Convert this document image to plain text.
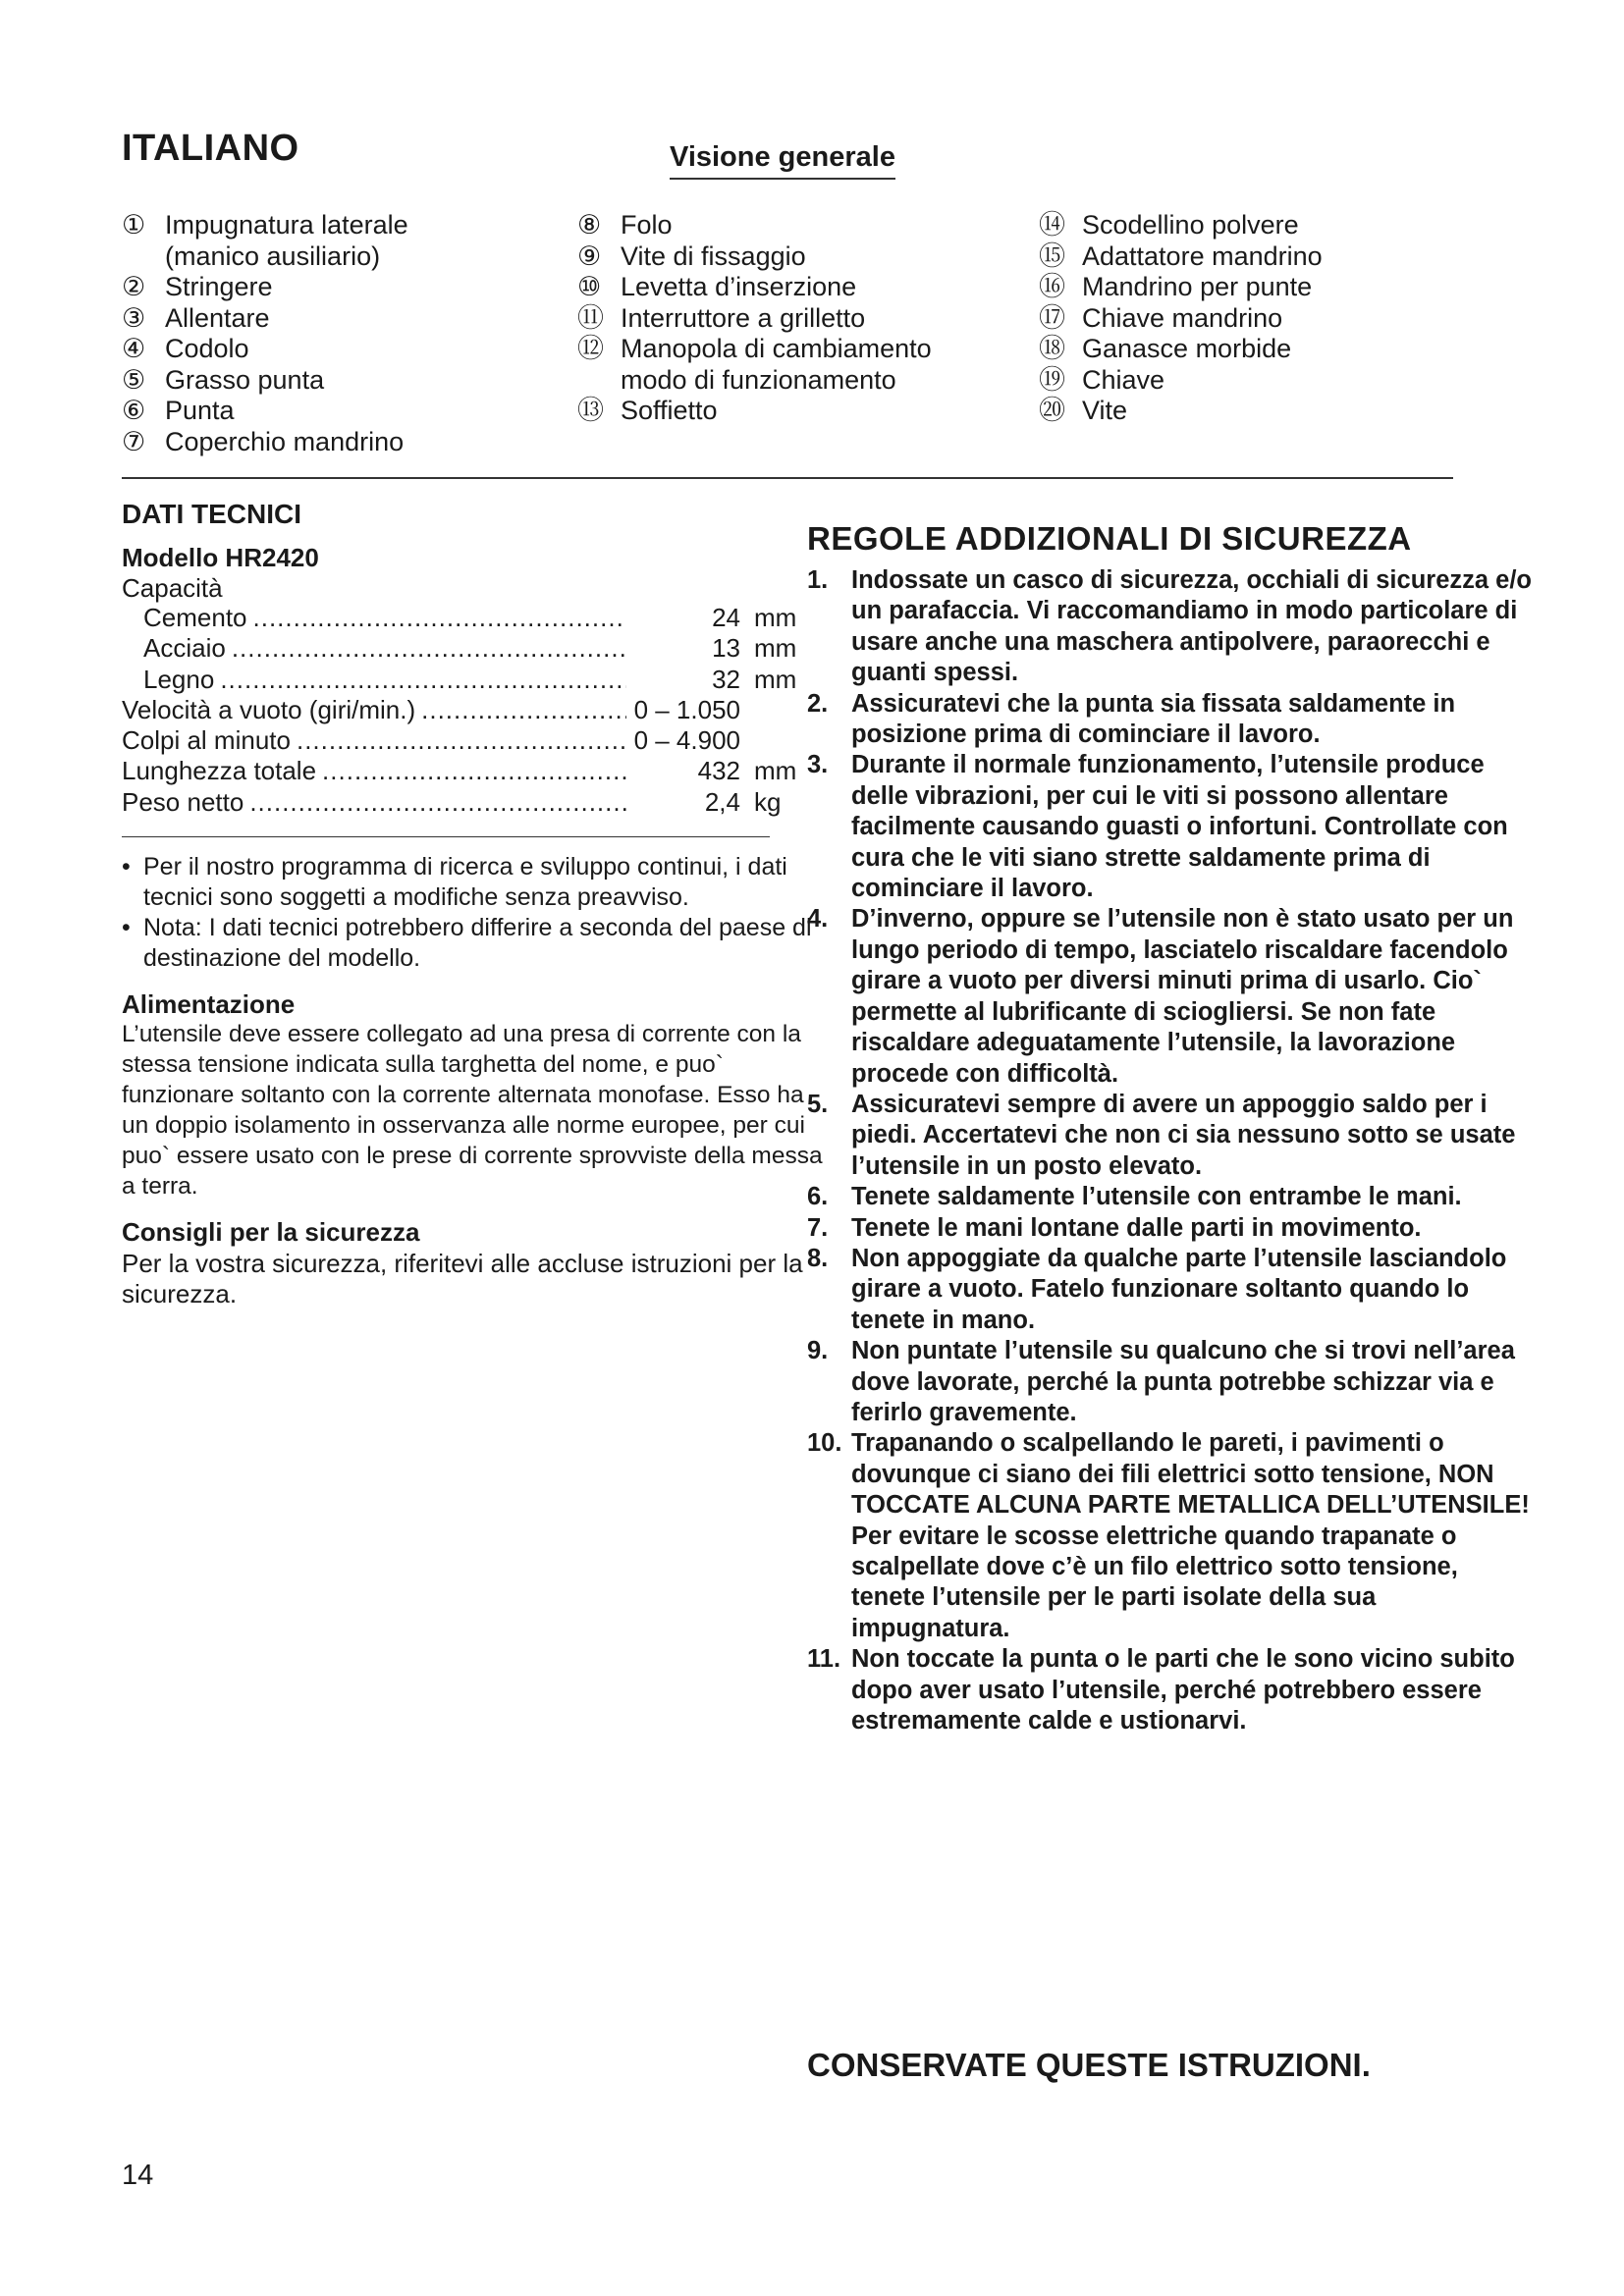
ITALIANO	Visione generale
① Impugnatura laterale
(manico ausiliario)
② Stringere
③ Allentare
④ Codolo
⑤ Grasso punta
⑥ Punta
⑦ Coperchio mandrino
⑧ Folo
⑨ Vite di fissaggio
⑩ Levetta d’inserzione
⑪ Interruttore a grilletto
⑫ Manopola di cambiamento
modo di funzionamento
⑬ Soffietto
⑭ Scodellino polvere
⑮ Adattatore mandrino
⑯ Mandrino per punte
⑰ Chiave mandrino
⑱ Ganasce morbide
⑲ Chiave
⑳ Vite
DATI TECNICI
Modello HR2420
Capacità
Cemento .....	24 mm
Acciaio .....	13 mm
Legno .....	32 mm
Velocità a vuoto (giri/min.) .....	0 – 1.050
Colpi al minuto .....	0 – 4.900
Lunghezza totale .....	432 mm
Peso netto .....	2,4 kg
• Per il nostro programma di ricerca e sviluppo continui, i dati tecnici sono soggetti a modifiche senza preavviso.
• Nota: I dati tecnici potrebbero differire a seconda del paese di destinazione del modello.
Alimentazione
L’utensile deve essere collegato ad una presa di corrente con la stessa tensione indicata sulla targhetta del nome, e puo` funzionare soltanto con la corrente alternata monofase. Esso ha un doppio isolamento in osservanza alle norme europee, per cui puo` essere usato con le prese di corrente sprovviste della messa a terra.
Consigli per la sicurezza
Per la vostra sicurezza, riferitevi alle accluse istruzioni per la sicurezza.
REGOLE ADDIZIONALI DI SICUREZZA
1. Indossate un casco di sicurezza, occhiali di sicurezza e/o un parafaccia. Vi raccomandiamo in modo particolare di usare anche una maschera antipolvere, paraorecchi e guanti spessi.
2. Assicuratevi che la punta sia fissata saldamente in posizione prima di cominciare il lavoro.
3. Durante il normale funzionamento, l’utensile produce delle vibrazioni, per cui le viti si possono allentare facilmente causando guasti o infortuni. Controllate con cura che le viti siano strette saldamente prima di cominciare il lavoro.
4. D’inverno, oppure se l’utensile non è stato usato per un lungo periodo di tempo, lasciatelo riscaldare facendolo girare a vuoto per diversi minuti prima di usarlo. Cio` permette al lubrificante di sciogliersi. Se non fate riscaldare adeguatamente l’utensile, la lavorazione procede con difficoltà.
5. Assicuratevi sempre di avere un appoggio saldo per i piedi. Accertatevi che non ci sia nessuno sotto se usate l’utensile in un posto elevato.
6. Tenete saldamente l’utensile con entrambe le mani.
7. Tenete le mani lontane dalle parti in movimento.
8. Non appoggiate da qualche parte l’utensile lasciandolo girare a vuoto. Fatelo funzionare soltanto quando lo tenete in mano.
9. Non puntate l’utensile su qualcuno che si trovi nell’area dove lavorate, perché la punta potrebbe schizzar via e ferirlo gravemente.
10. Trapanando o scalpellando le pareti, i pavimenti o dovunque ci siano dei fili elettrici sotto tensione, NON TOCCATE ALCUNA PARTE METALLICA DELL’UTENSILE! Per evitare le scosse elettriche quando trapanate o scalpellate dove c’è un filo elettrico sotto tensione, tenete l’utensile per le parti isolate della sua impugnatura.
11. Non toccate la punta o le parti che le sono vicino subito dopo aver usato l’utensile, perché potrebbero essere estremamente calde e ustionarvi.
CONSERVATE QUESTE ISTRUZIONI.
14
